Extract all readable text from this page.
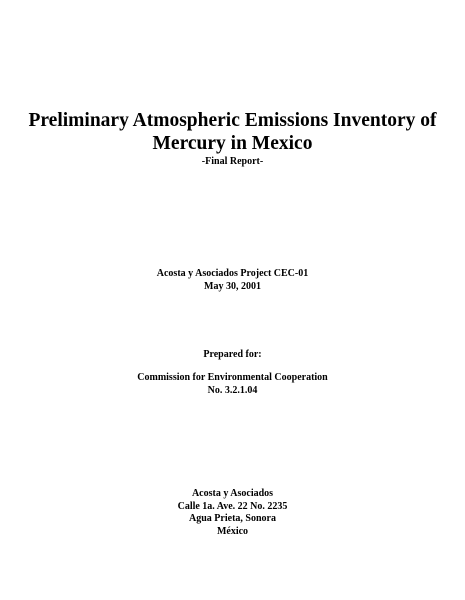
Preliminary Atmospheric Emissions Inventory of
Mercury in Mexico
-Final Report-
Acosta y Asociados Project CEC-01
May 30, 2001
Prepared for:
Commission for Environmental Cooperation
No. 3.2.1.04
Acosta y Asociados
Calle 1a. Ave. 22 No. 2235
Agua Prieta, Sonora
México
